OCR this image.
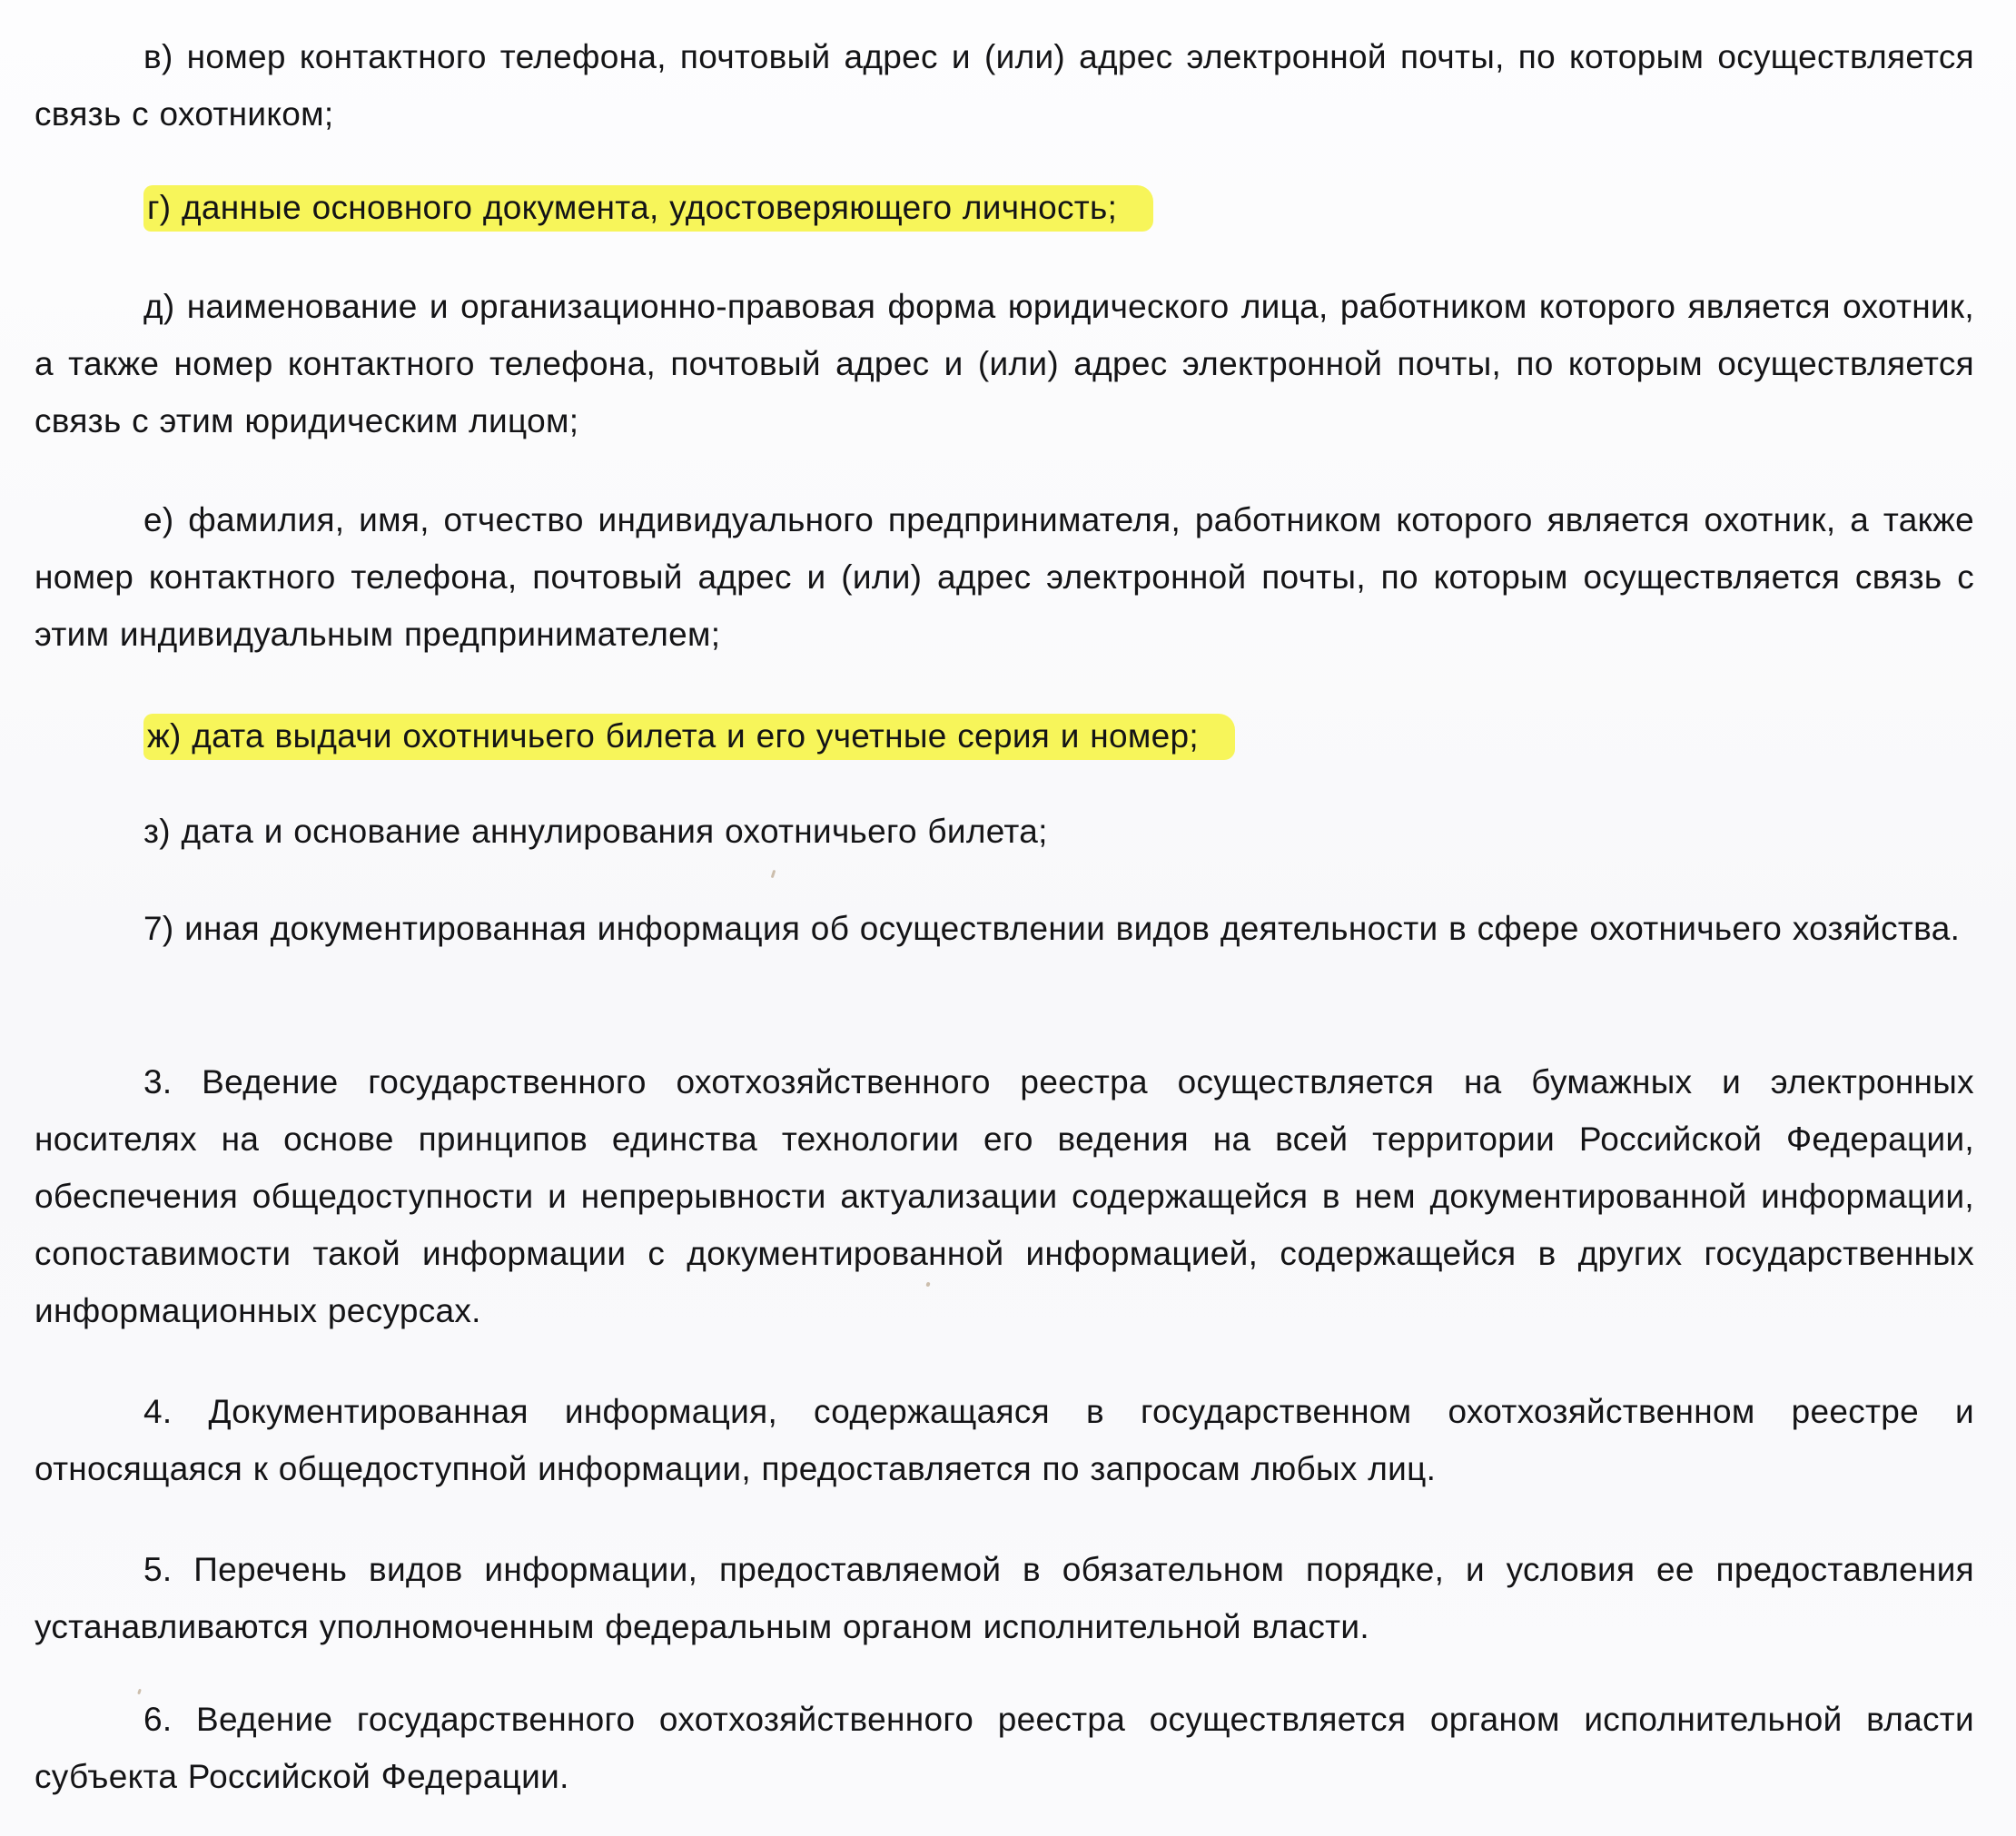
в) номер контактного телефона, почтовый адрес и (или) адрес электронной почты, по которым осуществляется связь с охотником;

г) данные основного документа, удостоверяющего личность;

д) наименование и организационно-правовая форма юридического лица, работником которого является охотник, а также номер контактного телефона, почтовый адрес и (или) адрес электронной почты, по которым осуществляется связь с этим юридическим лицом;

е) фамилия, имя, отчество индивидуального предпринимателя, работником которого является охотник, а также номер контактного телефона, почтовый адрес и (или) адрес электронной почты, по которым осуществляется связь с этим индивидуальным предпринимателем;

ж) дата выдачи охотничьего билета и его учетные серия и номер;

з) дата и основание аннулирования охотничьего билета;

7) иная документированная информация об осуществлении видов деятельности в сфере охотничьего хозяйства.

3. Ведение государственного охотхозяйственного реестра осуществляется на бумажных и электронных носителях на основе принципов единства технологии его ведения на всей территории Российской Федерации, обеспечения общедоступности и непрерывности актуализации содержащейся в нем документированной информации, сопоставимости такой информации с документированной информацией, содержащейся в других государственных информационных ресурсах.

4. Документированная информация, содержащаяся в государственном охотхозяйственном реестре и относящаяся к общедоступной информации, предоставляется по запросам любых лиц.

5. Перечень видов информации, предоставляемой в обязательном порядке, и условия ее предоставления устанавливаются уполномоченным федеральным органом исполнительной власти.

6. Ведение государственного охотхозяйственного реестра осуществляется органом исполнительной власти субъекта Российской Федерации.
